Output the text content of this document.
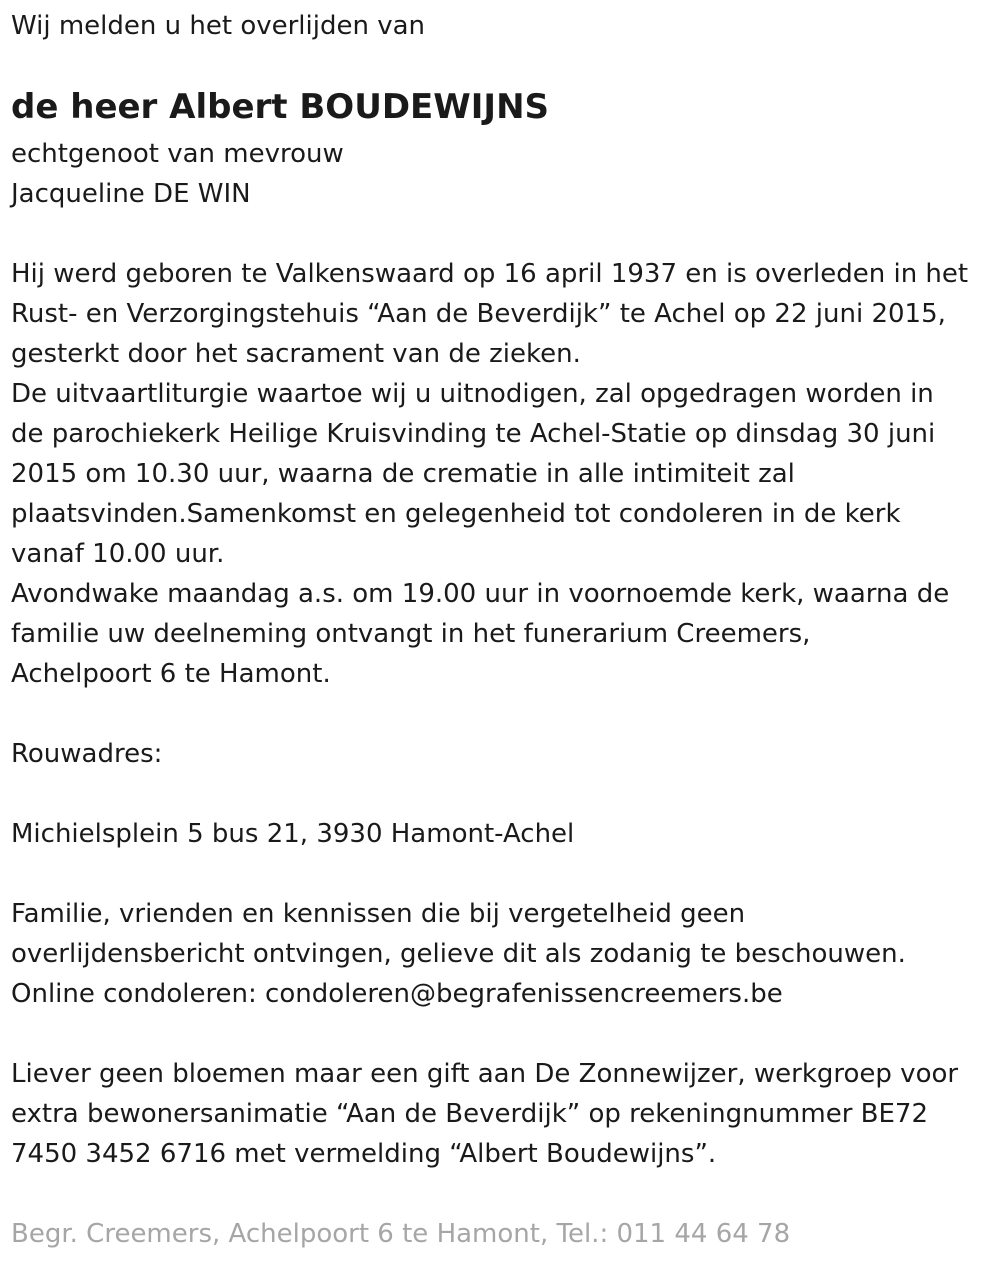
Wij melden u het overlijden van
de heer Albert BOUDEWIJNS
echtgenoot van mevrouw
Jacqueline DE WIN
Hij werd geboren te Valkenswaard op 16 april 1937 en is overleden in het
Rust- en Verzorgingstehuis “Aan de Beverdijk” te Achel op 22 juni 2015,
gesterkt door het sacrament van de zieken.
De uitvaartliturgie waartoe wij u uitnodigen, zal opgedragen worden in
de parochiekerk Heilige Kruisvinding te Achel-Statie op dinsdag 30 juni
2015 om 10.30 uur, waarna de crematie in alle intimiteit zal
plaatsvinden.Samenkomst en gelegenheid tot condoleren in de kerk
vanaf 10.00 uur.
Avondwake maandag a.s. om 19.00 uur in voornoemde kerk, waarna de
familie uw deelneming ontvangt in het funerarium Creemers,
Achelpoort 6 te Hamont.
Rouwadres:
Michielsplein 5 bus 21, 3930 Hamont-Achel
Familie, vrienden en kennissen die bij vergetelheid geen
overlijdensbericht ontvingen, gelieve dit als zodanig te beschouwen.
Online condoleren: condoleren@begrafenissencreemers.be
Liever geen bloemen maar een gift aan De Zonnewijzer, werkgroep voor
extra bewonersanimatie “Aan de Beverdijk” op rekeningnummer BE72
7450 3452 6716 met vermelding “Albert Boudewijns”.
Begr. Creemers, Achelpoort 6 te Hamont, Tel.: 011 44 64 78
